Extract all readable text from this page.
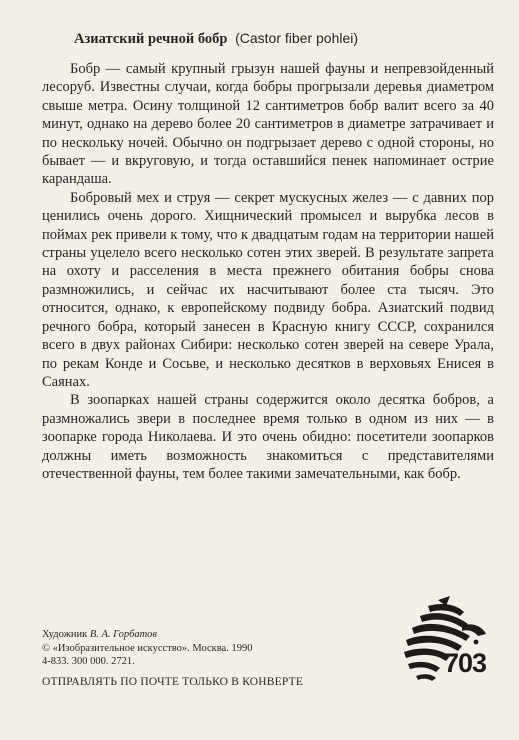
Азиатский речной бобр (Castor fiber pohlei)

Бобр — самый крупный грызун нашей фауны и непревзойденный лесоруб. Известны случаи, когда бобры прогрызали деревья диаметром свыше метра. Осину толщиной 12 сантиметров бобр валит всего за 40 минут, однако на дерево более 20 сантиметров в диаметре затрачивает и по нескольку ночей. Обычно он подгрызает дерево с одной стороны, но бывает — и вкруговую, и тогда оставшийся пенек напоминает острие карандаша.

Бобровый мех и струя — секрет мускусных желез — с давних пор ценились очень дорого. Хищнический промысел и вырубка лесов в поймах рек привели к тому, что к двадцатым годам на территории нашей страны уцелело всего несколько сотен этих зверей. В результате запрета на охоту и расселения в места прежнего обитания бобры снова размножились, и сейчас их насчитывают более ста тысяч. Это относится, однако, к европейскому подвиду бобра. Азиатский подвид речного бобра, который занесен в Красную книгу СССР, сохранился всего в двух районах Сибири: несколько сотен зверей на севере Урала, по рекам Конде и Сосьве, и несколько десятков в верховьях Енисея в Саянах.

В зоопарках нашей страны содержится около десятка бобров, а размножались звери в последнее время только в одном из них — в зоопарке города Николаева. И это очень обидно: посетители зоопарков должны иметь возможность знакомиться с представителями отечественной фауны, тем более такими замечательными, как бобр.

Художник В. А. Горбатов
© «Изобразительное искусство». Москва. 1990
4-833. 300 000. 2721.
ОТПРАВЛЯТЬ ПО ПОЧТЕ ТОЛЬКО В КОНВЕРТЕ
703
